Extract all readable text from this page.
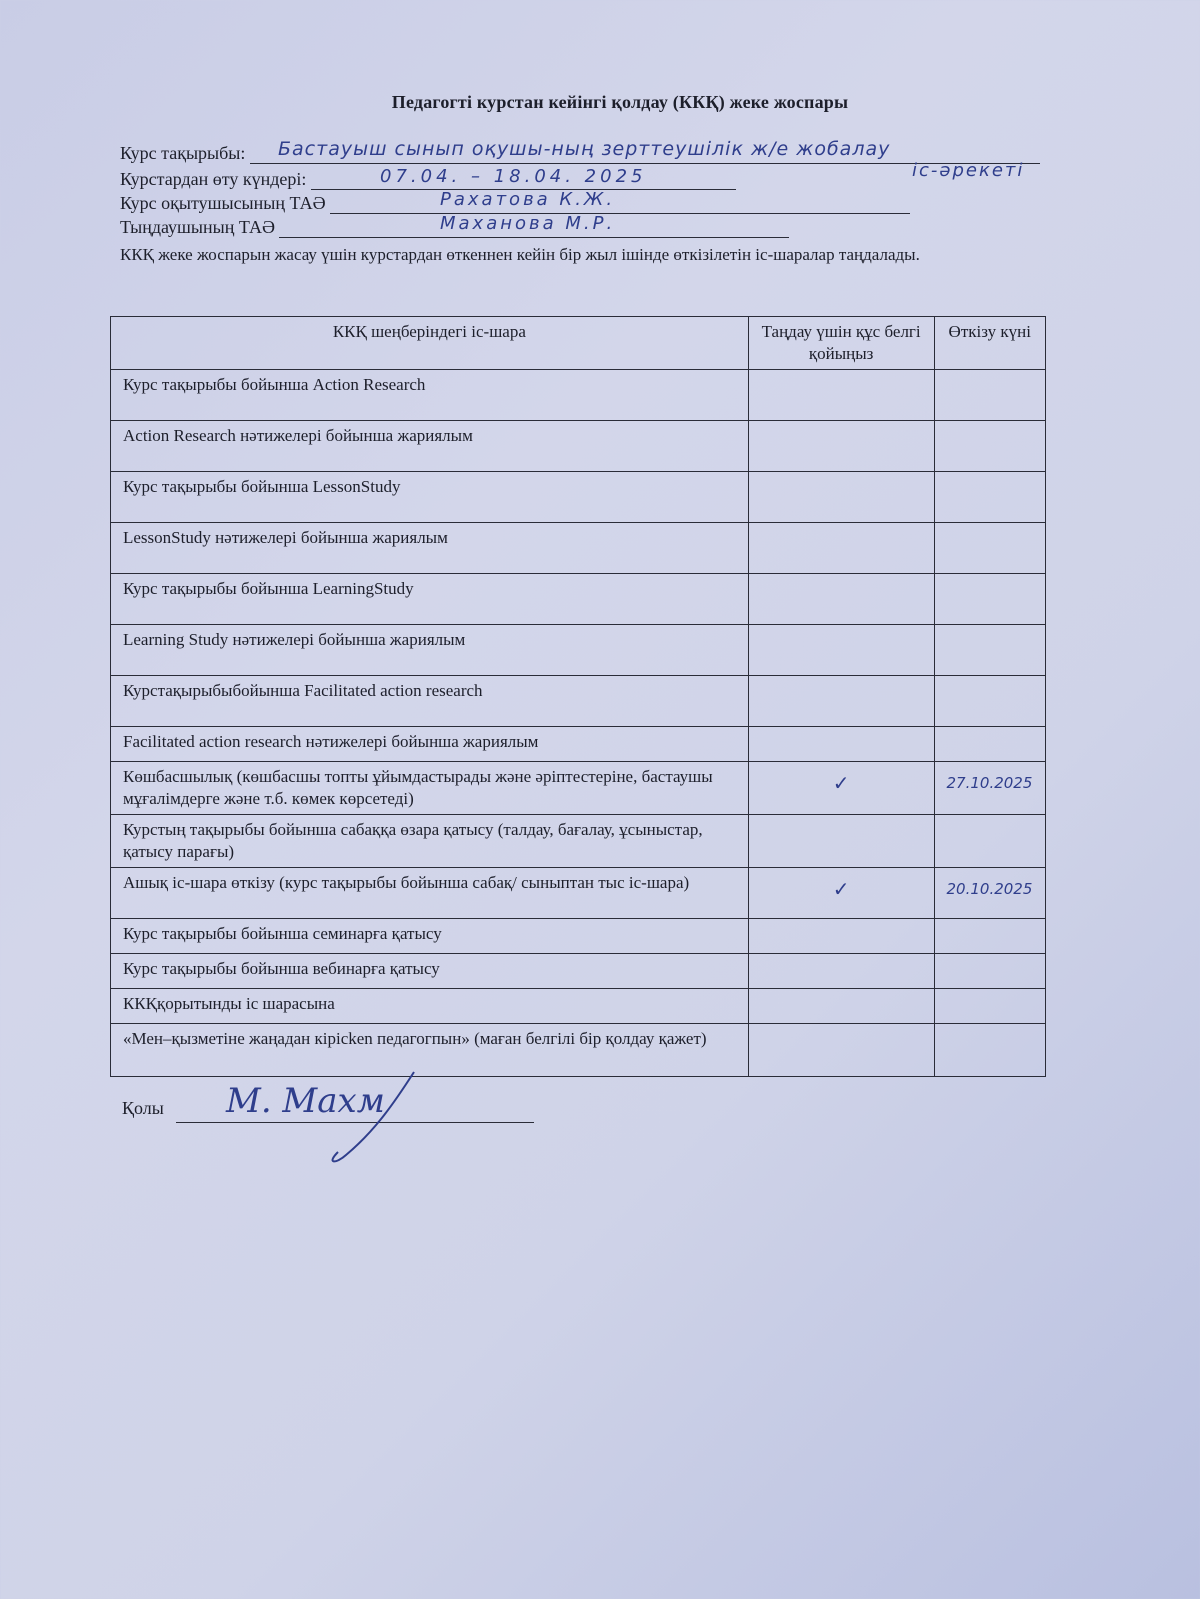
Педагогті курстан кейінгі қолдау (ККҚ) жеке жоспары
Курс тақырыбы:	Бастауыш сынып оқушы-ның зерттеушілік ж/е жобалау
іс-әрекеті
Курстардан өту күндері:	07.04. – 18.04. 2025
Курс оқытушысының ТАӘ	Рахатова К.Ж.
Тыңдаушының ТАӘ	Маханова М.Р.
ККҚ жеке жоспарын жасау үшін курстардан өткеннен кейін бір жыл ішінде өткізілетін іс-шаралар таңдалады.
ККҚ шеңберіндегі іс-шара	Таңдау үшін құс белгі қойыңыз	Өткізу күні
Курс тақырыбы бойынша Action Research	

Action Research нәтижелері бойынша жариялым	

Курс тақырыбы бойынша LessonStudy	

LessonStudy нәтижелері бойынша жариялым	

Курс тақырыбы бойынша LearningStudy	

Learning Study нәтижелері бойынша жариялым	

Курстақырыбыбойынша Facilitated action research	

Facilitated action research нәтижелері бойынша жариялым	

Көшбасшылық (көшбасшы топты ұйымдастырады және әріптестеріне, бастаушы мұғалімдерге және т.б. көмек көрсетеді)	✓	27.10.2025

Курстың тақырыбы бойынша сабаққа өзара қатысу (талдау, бағалау, ұсыныстар, қатысу парағы)	

Ашық іс-шара өткізу (курс тақырыбы бойынша сабақ/ сыныптан тыс іс-шара)	✓	20.10.2025

Курс тақырыбы бойынша семинарға қатысу	

Курс тақырыбы бойынша вебинарға қатысу	

ККҚқорытынды іс шарасына	

«Мен–қызметіне жаңадан кірісken педагогпын» (маған белгілі бір қолдау қажет)	

Қолы М. Махм
